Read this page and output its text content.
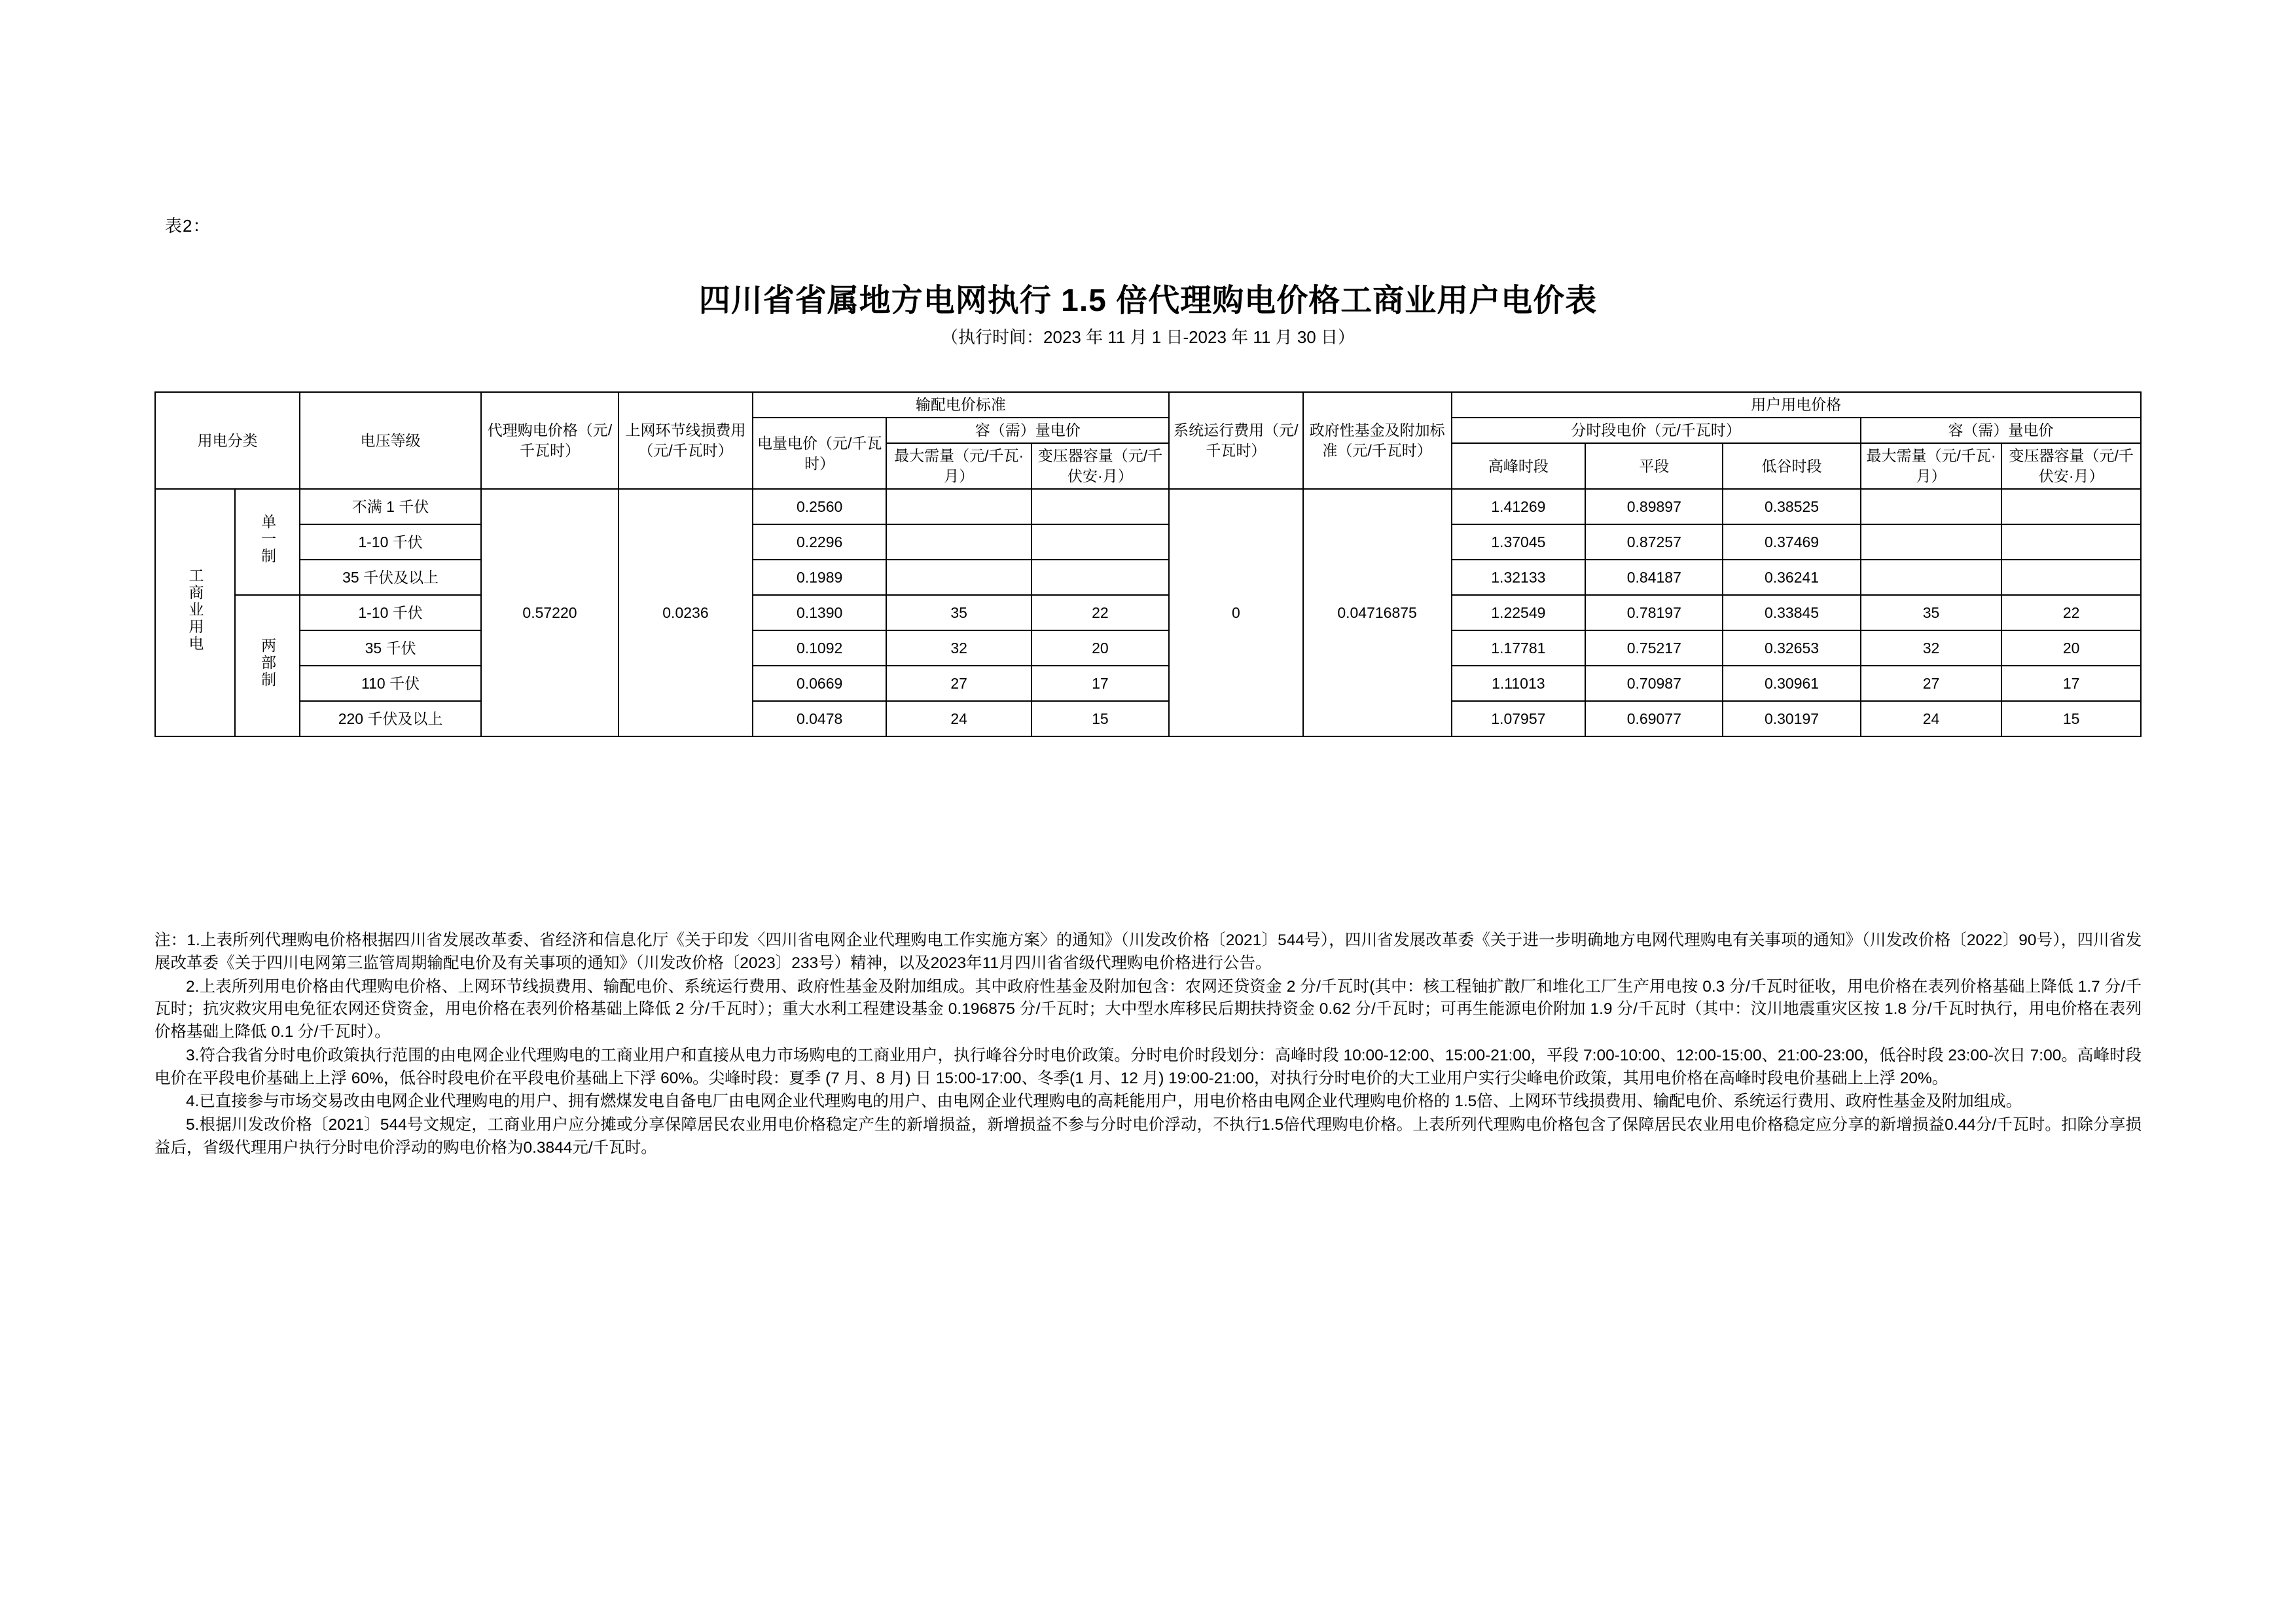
表2：
四川省省属地方电网执行 1.5 倍代理购电价格工商业用户电价表
（执行时间：2023 年 11 月 1 日-2023 年 11 月 30 日）
用电分类		电压等级	代理购电价格（元/千瓦时）	上网环节线损费用（元/千瓦时）	输配电价标准			系统运行费用（元/千瓦时）	政府性基金及附加标准（元/千瓦时）	用户用电价格				
					电量电价（元/千瓦时）	容（需）量电价				分时段电价（元/千瓦时）			容（需）量电价	
						最大需量（元/千瓦·月）	变压器容量（元/千伏安·月）			高峰时段	平段	低谷时段	最大需量（元/千瓦·月）	变压器容量（元/千伏安·月）

工商业用电	单一制	不满 1 千伏	0.57220	0.0236	0.2560			0	0.04716875	1.41269	0.89897	0.38525		
		1-10 千伏			0.2296					1.37045	0.87257	0.37469		
		35 千伏及以上			0.1989					1.32133	0.84187	0.36241		
	两部制	1-10 千伏			0.1390	35	22			1.22549	0.78197	0.33845	35	22
		35 千伏			0.1092	32	20			1.17781	0.75217	0.32653	32	20
		110 千伏			0.0669	27	17			1.11013	0.70987	0.30961	27	17
		220 千伏及以上			0.0478	24	15			1.07957	0.69077	0.30197	24	15

注：1.上表所列代理购电价格根据四川省发展改革委、省经济和信息化厅《关于印发〈四川省电网企业代理购电工作实施方案〉的通知》（川发改价格〔2021〕544号），四川省发展改革委《关于进一步明确地方电网代理购电有关事项的通知》（川发改价格〔2022〕90号），四川省发展改革委《关于四川电网第三监管周期输配电价及有关事项的通知》（川发改价格〔2023〕233号）精神，以及2023年11月四川省省级代理购电价格进行公告。

2.上表所列用电价格由代理购电价格、上网环节线损费用、输配电价、系统运行费用、政府性基金及附加组成。其中政府性基金及附加包含：农网还贷资金 2 分/千瓦时(其中：核工程铀扩散厂和堆化工厂生产用电按 0.3 分/千瓦时征收，用电价格在表列价格基础上降低 1.7 分/千瓦时；抗灾救灾用电免征农网还贷资金，用电价格在表列价格基础上降低 2 分/千瓦时）；重大水利工程建设基金 0.196875 分/千瓦时；大中型水库移民后期扶持资金 0.62 分/千瓦时；可再生能源电价附加 1.9 分/千瓦时（其中：汶川地震重灾区按 1.8 分/千瓦时执行，用电价格在表列价格基础上降低 0.1 分/千瓦时）。

3.符合我省分时电价政策执行范围的由电网企业代理购电的工商业用户和直接从电力市场购电的工商业用户，执行峰谷分时电价政策。分时电价时段划分：高峰时段 10:00-12:00、15:00-21:00，平段 7:00-10:00、12:00-15:00、21:00-23:00，低谷时段 23:00-次日 7:00。高峰时段电价在平段电价基础上上浮 60%，低谷时段电价在平段电价基础上下浮 60%。尖峰时段：夏季 (7 月、8 月) 日 15:00-17:00、冬季(1 月、12 月) 19:00-21:00，对执行分时电价的大工业用户实行尖峰电价政策，其用电价格在高峰时段电价基础上上浮 20%。

4.已直接参与市场交易改由电网企业代理购电的用户、拥有燃煤发电自备电厂由电网企业代理购电的用户、由电网企业代理购电的高耗能用户，用电价格由电网企业代理购电价格的 1.5倍、上网环节线损费用、输配电价、系统运行费用、政府性基金及附加组成。

5.根据川发改价格〔2021〕544号文规定，工商业用户应分摊或分享保障居民农业用电价格稳定产生的新增损益，新增损益不参与分时电价浮动，不执行1.5倍代理购电价格。上表所列代理购电价格包含了保障居民农业用电价格稳定应分享的新增损益0.44分/千瓦时。扣除分享损益后，省级代理用户执行分时电价浮动的购电价格为0.3844元/千瓦时。
